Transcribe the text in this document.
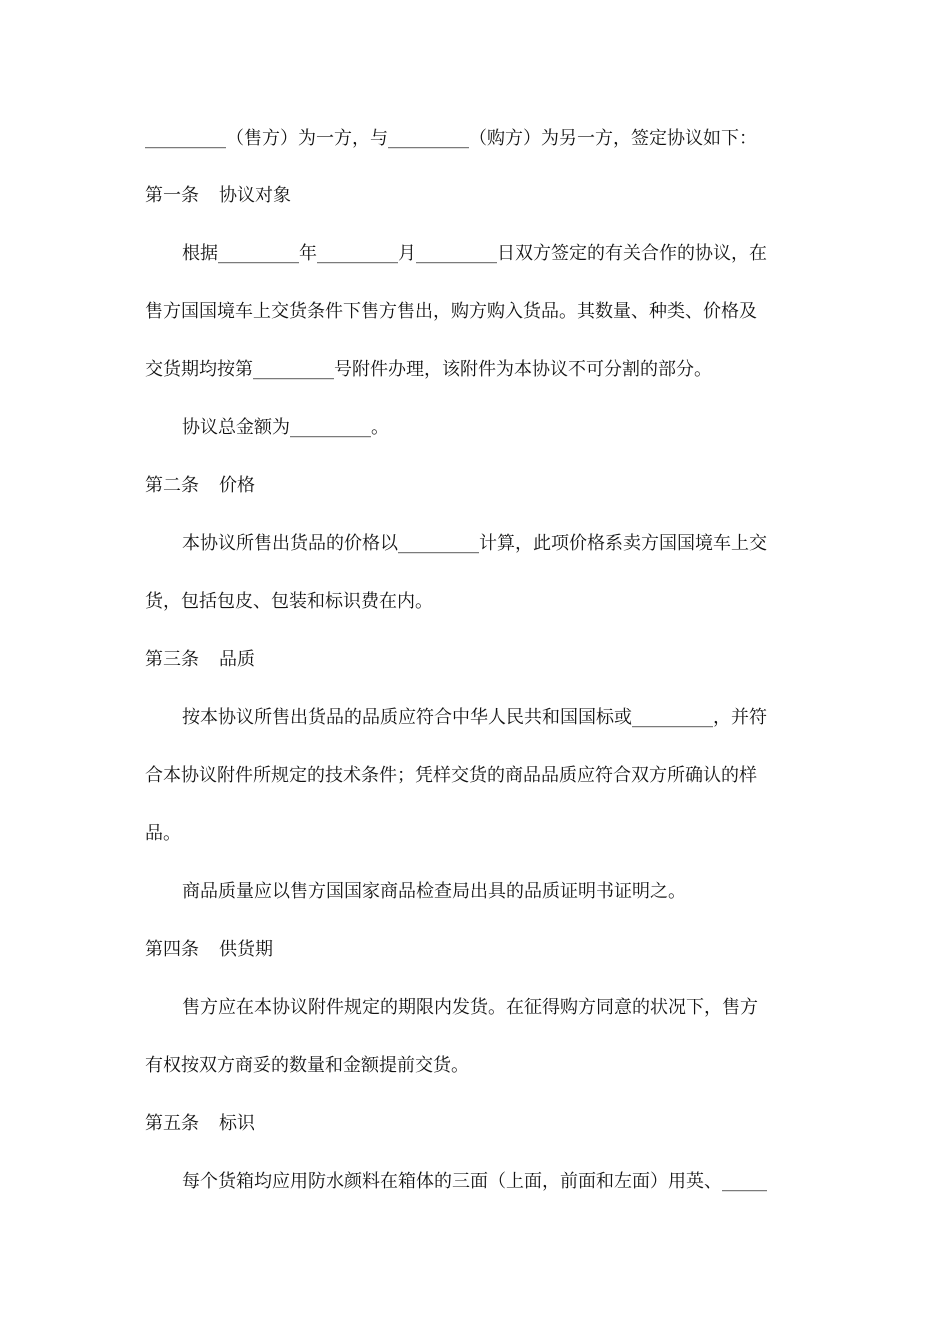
_________（售方）为一方，与_________（购方）为另一方，签定协议如下：
第一条 协议对象
根据_________年_________月_________日双方签定的有关合作的协议，在
售方国国境车上交货条件下售方售出，购方购入货品。其数量、种类、价格及
交货期均按第_________号附件办理，该附件为本协议不可分割的部分。
协议总金额为_________。
第二条 价格
本协议所售出货品的价格以_________计算，此项价格系卖方国国境车上交
货，包括包皮、包装和标识费在内。
第三条 品质
按本协议所售出货品的品质应符合中华人民共和国国标或_________，并符
合本协议附件所规定的技术条件；凭样交货的商品品质应符合双方所确认的样
品。
商品质量应以售方国国家商品检查局出具的品质证明书证明之。
第四条 供货期
售方应在本协议附件规定的期限内发货。在征得购方同意的状况下，售方
有权按双方商妥的数量和金额提前交货。
第五条 标识
每个货箱均应用防水颜料在箱体的三面（上面，前面和左面）用英、_____
